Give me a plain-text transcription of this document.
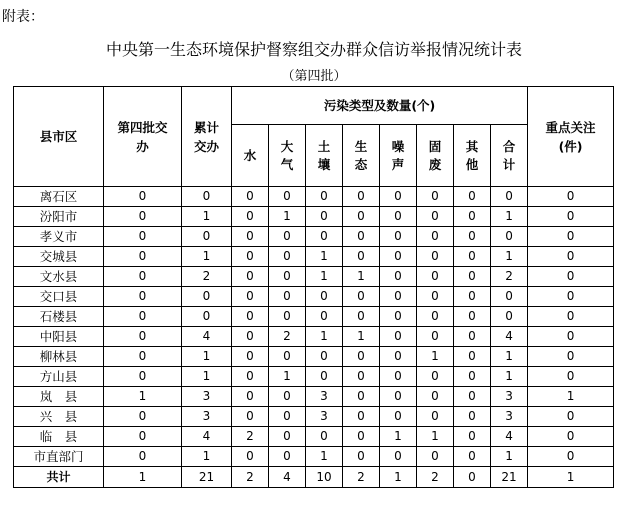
附表：
中央第一生态环境保护督察组交办群众信访举报情况统计表
（第四批）
县市区	第四批交办	累计交办	污染类型及数量(个)								重点关注(件)
			水	大气	土壤	生态	噪声	固废	其他	合计	
离石区	0	0	0	0	0	0	0	0	0	0	0
汾阳市	0	1	0	1	0	0	0	0	0	1	0
孝义市	0	0	0	0	0	0	0	0	0	0	0
交城县	0	1	0	0	1	0	0	0	0	1	0
文水县	0	2	0	0	1	1	0	0	0	2	0
交口县	0	0	0	0	0	0	0	0	0	0	0
石楼县	0	0	0	0	0	0	0	0	0	0	0
中阳县	0	4	0	2	1	1	0	0	0	4	0
柳林县	0	1	0	0	0	0	0	1	0	1	0
方山县	0	1	0	1	0	0	0	0	0	1	0
岚　县	1	3	0	0	3	0	0	0	0	3	1
兴　县	0	3	0	0	3	0	0	0	0	3	0
临　县	0	4	2	0	0	0	1	1	0	4	0
市直部门	0	1	0	0	1	0	0	0	0	1	0
共计	1	21	2	4	10	2	1	2	0	21	1
